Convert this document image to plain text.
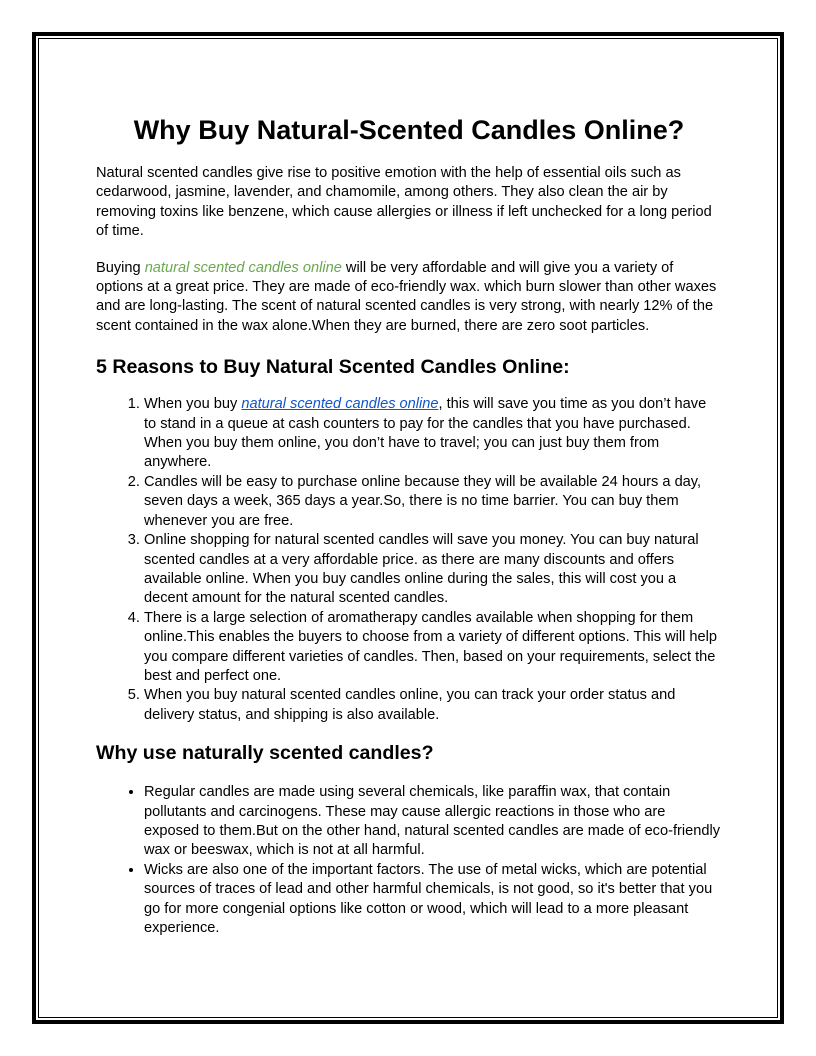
Why Buy Natural-Scented Candles Online?

Natural scented candles give rise to positive emotion with the help of essential oils such as cedarwood, jasmine, lavender, and chamomile, among others. They also clean the air by removing toxins like benzene, which cause allergies or illness if left unchecked for a long period of time.

Buying natural scented candles online will be very affordable and will give you a variety of options at a great price. They are made of eco-friendly wax. which burn slower than other waxes and are long-lasting. The scent of natural scented candles is very strong, with nearly 12% of the scent contained in the wax alone.When they are burned, there are zero soot particles.

5 Reasons to Buy Natural Scented Candles Online:
1. When you buy natural scented candles online, this will save you time as you don’t have to stand in a queue at cash counters to pay for the candles that you have purchased. When you buy them online, you don’t have to travel; you can just buy them from anywhere.
2. Candles will be easy to purchase online because they will be available 24 hours a day, seven days a week, 365 days a year.So, there is no time barrier. You can buy them whenever you are free.
3. Online shopping for natural scented candles will save you money. You can buy natural scented candles at a very affordable price. as there are many discounts and offers available online. When you buy candles online during the sales, this will cost you a decent amount for the natural scented candles.
4. There is a large selection of aromatherapy candles available when shopping for them online.This enables the buyers to choose from a variety of different options. This will help you compare different varieties of candles. Then, based on your requirements, select the best and perfect one.
5. When you buy natural scented candles online, you can track your order status and delivery status, and shipping is also available.
Why use naturally scented candles?
• Regular candles are made using several chemicals, like paraffin wax, that contain pollutants and carcinogens. These may cause allergic reactions in those who are exposed to them.But on the other hand, natural scented candles are made of eco-friendly wax or beeswax, which is not at all harmful.
• Wicks are also one of the important factors. The use of metal wicks, which are potential sources of traces of lead and other harmful chemicals, is not good, so it's better that you go for more congenial options like cotton or wood, which will lead to a more pleasant experience.
